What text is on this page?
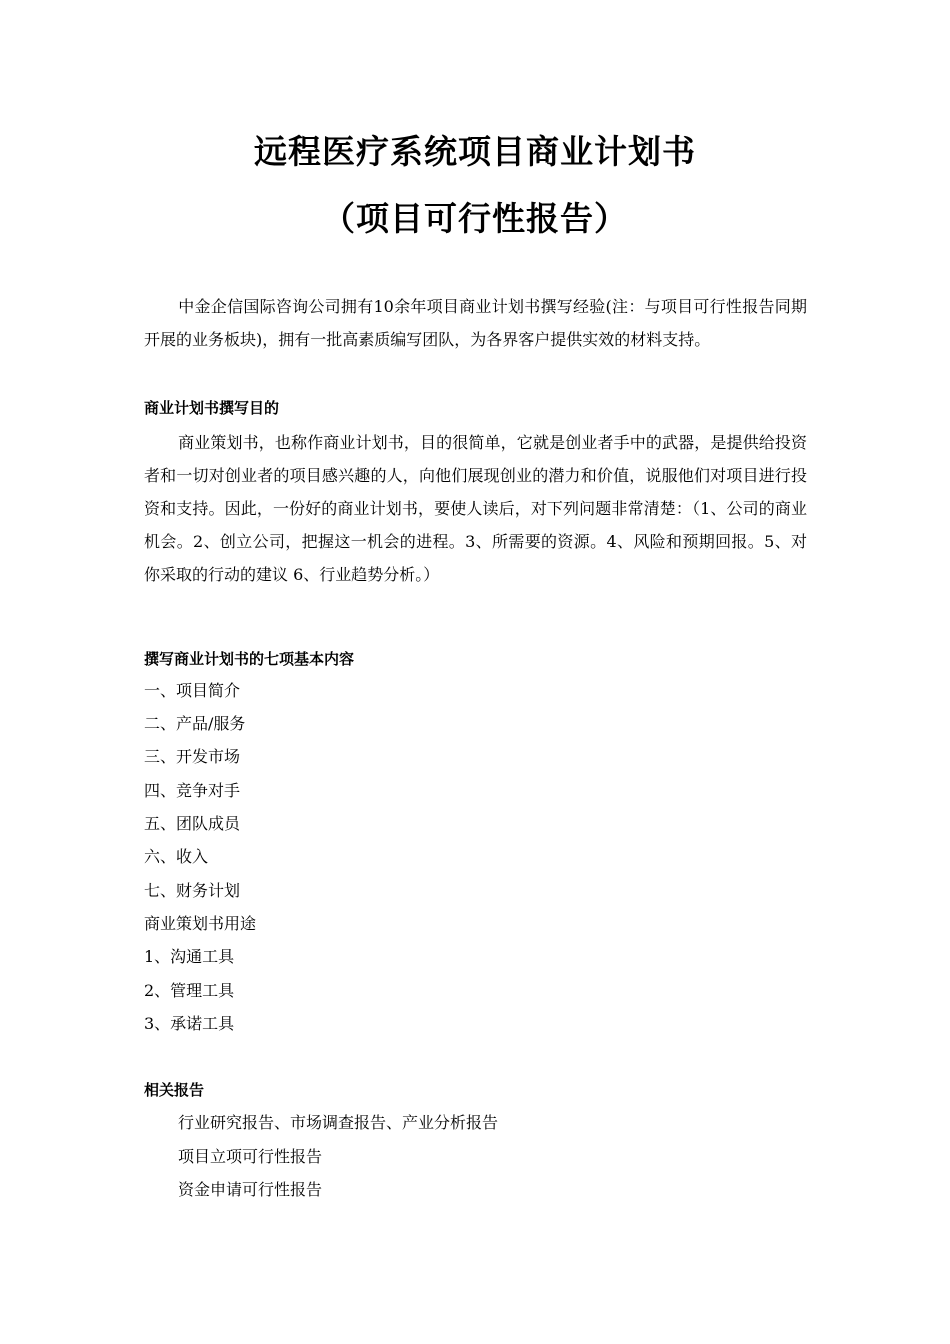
远程医疗系统项目商业计划书
（项目可行性报告）

中金企信国际咨询公司拥有10余年项目商业计划书撰写经验(注：与项目可行性报告同期开展的业务板块)，拥有一批高素质编写团队，为各界客户提供实效的材料支持。

商业计划书撰写目的

商业策划书，也称作商业计划书，目的很简单，它就是创业者手中的武器，是提供给投资者和一切对创业者的项目感兴趣的人，向他们展现创业的潜力和价值，说服他们对项目进行投资和支持。因此，一份好的商业计划书，要使人读后，对下列问题非常清楚：（1、公司的商业机会。2、创立公司，把握这一机会的进程。3、所需要的资源。4、风险和预期回报。5、对你采取的行动的建议 6、行业趋势分析。）

撰写商业计划书的七项基本内容

一、项目简介

二、产品/服务

三、开发市场

四、竞争对手

五、团队成员

六、收入

七、财务计划

商业策划书用途

1、沟通工具

2、管理工具

3、承诺工具

相关报告

行业研究报告、市场调查报告、产业分析报告

项目立项可行性报告

资金申请可行性报告
